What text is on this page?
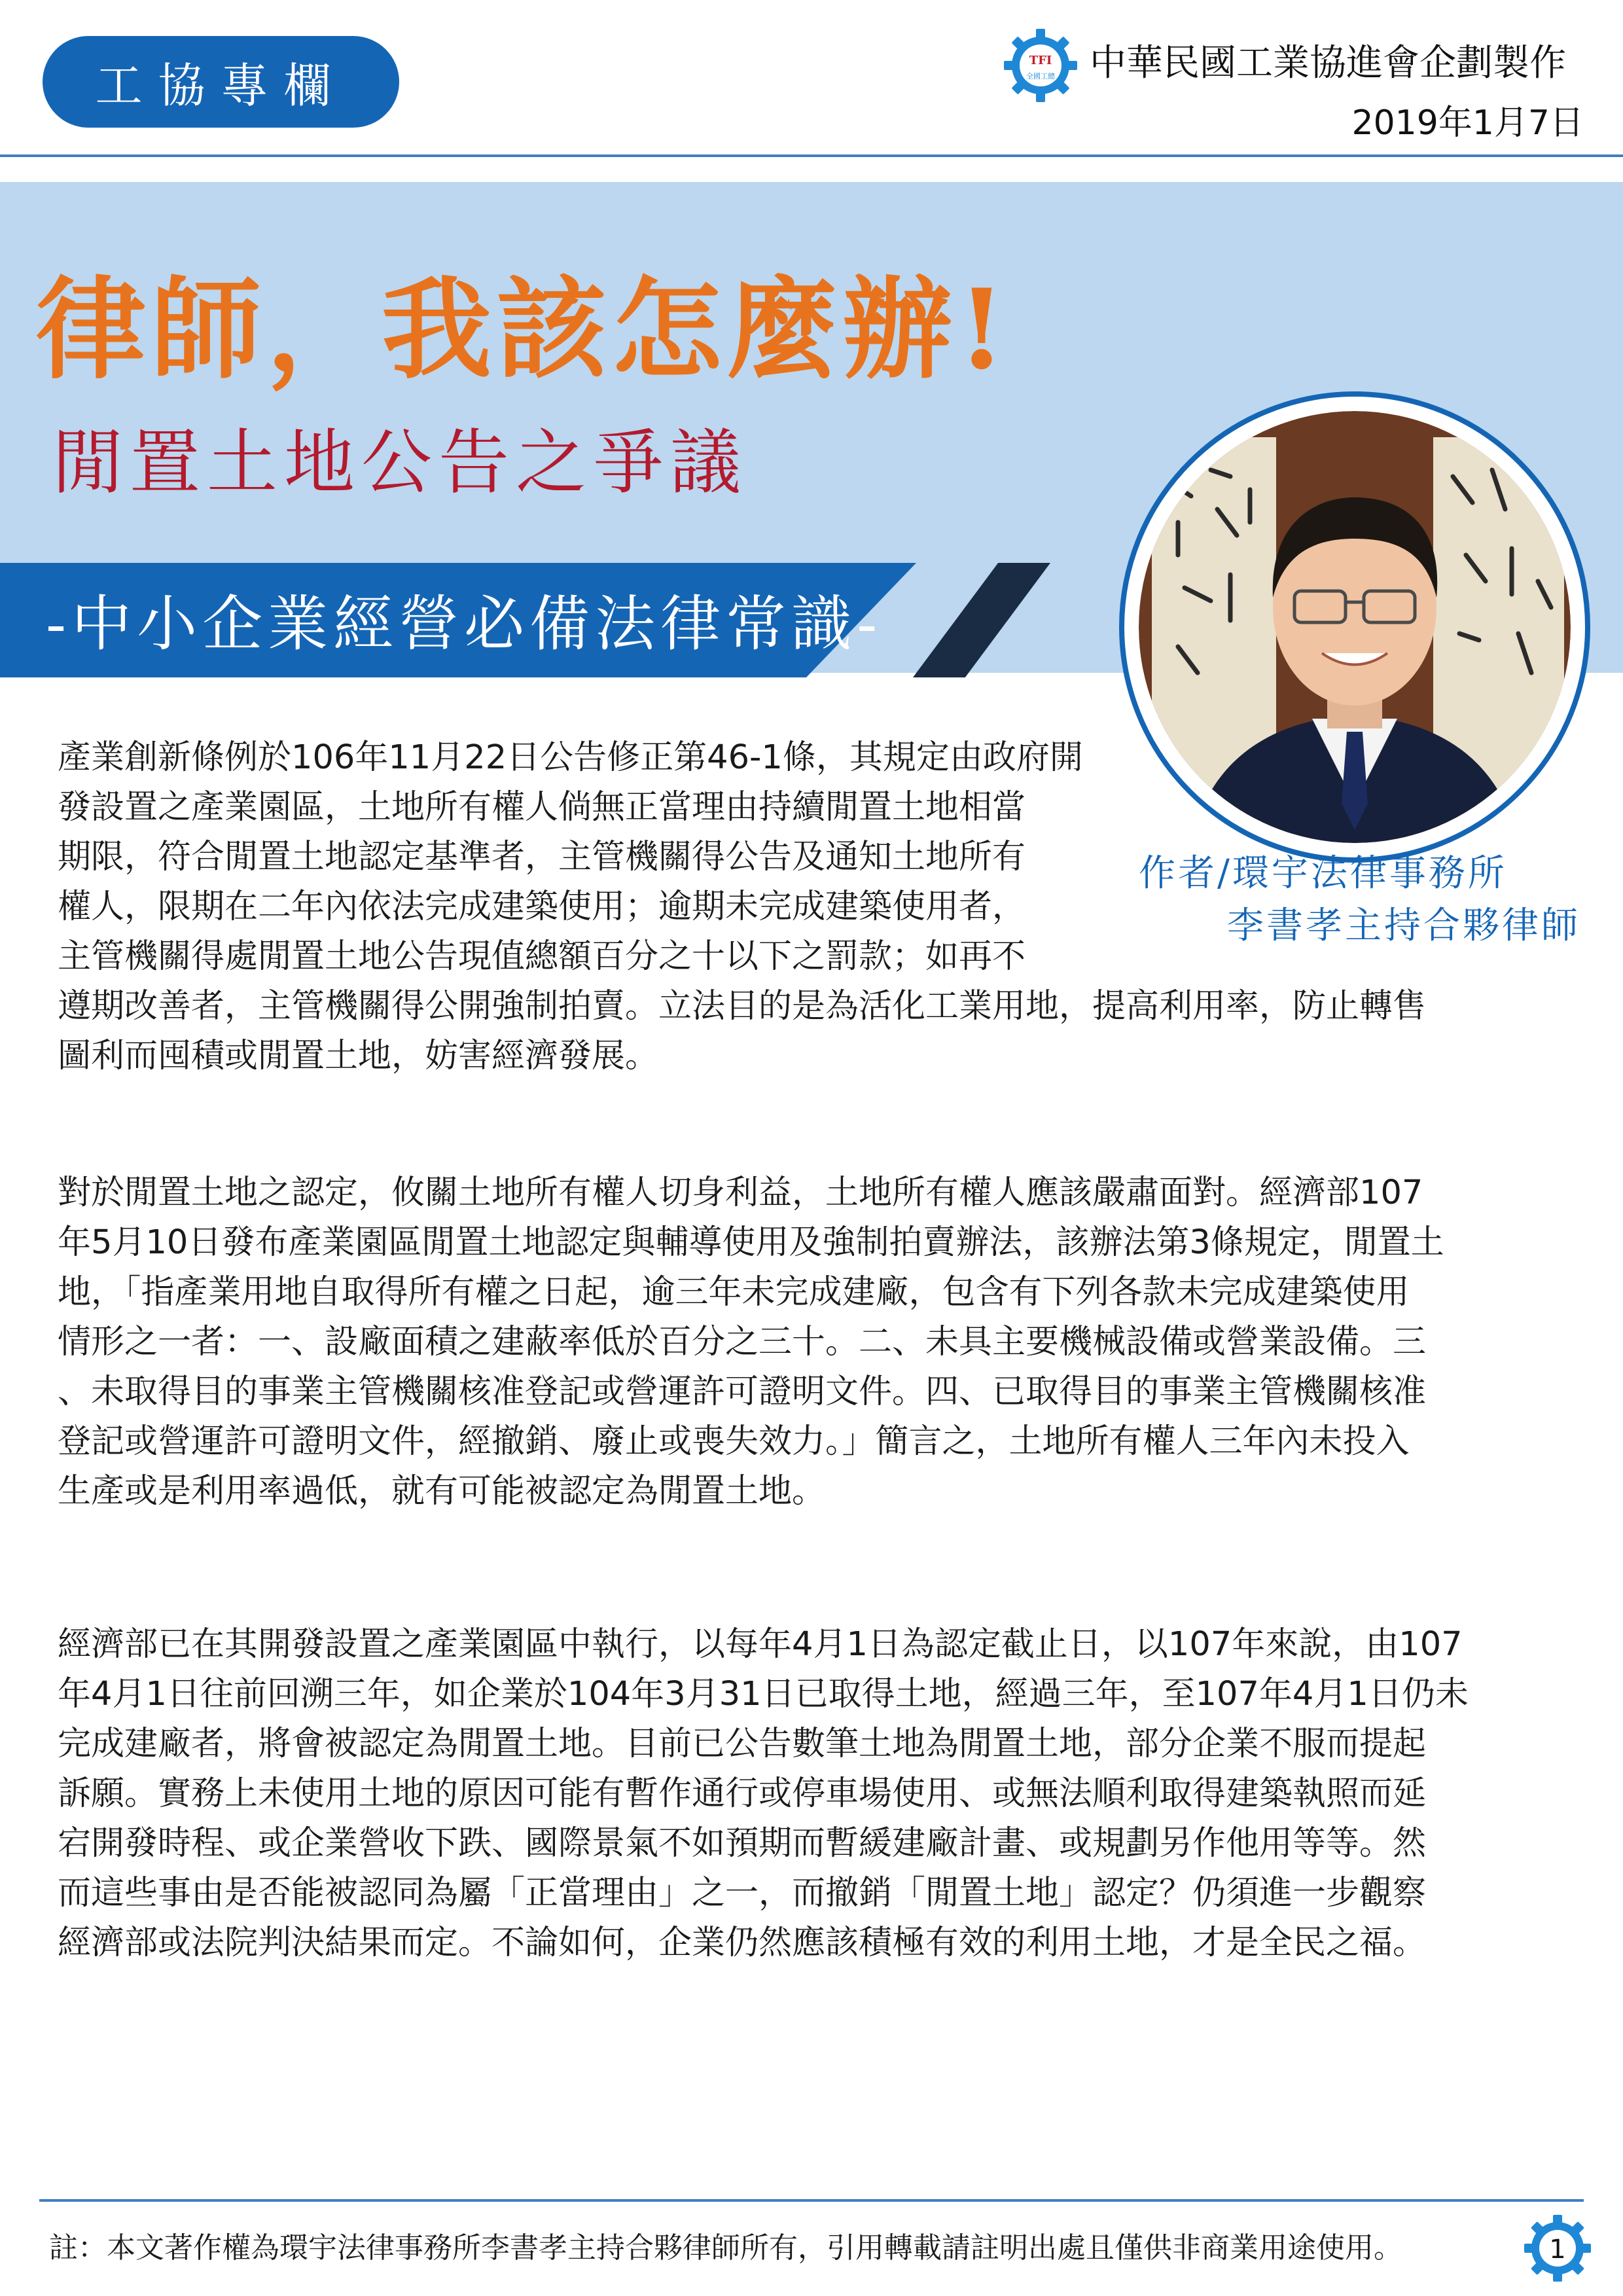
工協專欄	TFI
全國工總 中華民國工業協進會企劃製作
2019年1月7日
律師，我該怎麼辦!
閒置土地公告之爭議
-中小企業經營必備法律常識-
作者/環宇法律事務所
李書孝主持合夥律師
產業創新條例於106年11月22日公告修正第46-1條，其規定由政府開
發設置之產業園區，土地所有權人倘無正當理由持續閒置土地相當
期限，符合閒置土地認定基準者，主管機關得公告及通知土地所有
權人，限期在二年內依法完成建築使用；逾期未完成建築使用者，
主管機關得處閒置土地公告現值總額百分之十以下之罰款；如再不
遵期改善者，主管機關得公開強制拍賣。立法目的是為活化工業用地，提高利用率，防止轉售
圖利而囤積或閒置土地，妨害經濟發展。
對於閒置土地之認定，攸關土地所有權人切身利益，土地所有權人應該嚴肅面對。經濟部107
年5月10日發布產業園區閒置土地認定與輔導使用及強制拍賣辦法，該辦法第3條規定，閒置土
地，「指產業用地自取得所有權之日起，逾三年未完成建廠，包含有下列各款未完成建築使用
情形之一者：一、設廠面積之建蔽率低於百分之三十。二、未具主要機械設備或營業設備。三
、未取得目的事業主管機關核准登記或營運許可證明文件。四、已取得目的事業主管機關核准
登記或營運許可證明文件，經撤銷、廢止或喪失效力。」簡言之，土地所有權人三年內未投入
生產或是利用率過低，就有可能被認定為閒置土地。
經濟部已在其開發設置之產業園區中執行，以每年4月1日為認定截止日，以107年來說，由107
年4月1日往前回溯三年，如企業於104年3月31日已取得土地，經過三年，至107年4月1日仍未
完成建廠者，將會被認定為閒置土地。目前已公告數筆土地為閒置土地，部分企業不服而提起
訴願。實務上未使用土地的原因可能有暫作通行或停車場使用、或無法順利取得建築執照而延
宕開發時程、或企業營收下跌、國際景氣不如預期而暫緩建廠計畫、或規劃另作他用等等。然
而這些事由是否能被認同為屬「正當理由」之一，而撤銷「閒置土地」認定？仍須進一步觀察
經濟部或法院判決結果而定。不論如何，企業仍然應該積極有效的利用土地，才是全民之福。
註：本文著作權為環宇法律事務所李書孝主持合夥律師所有，引用轉載請註明出處且僅供非商業用途使用。	1
